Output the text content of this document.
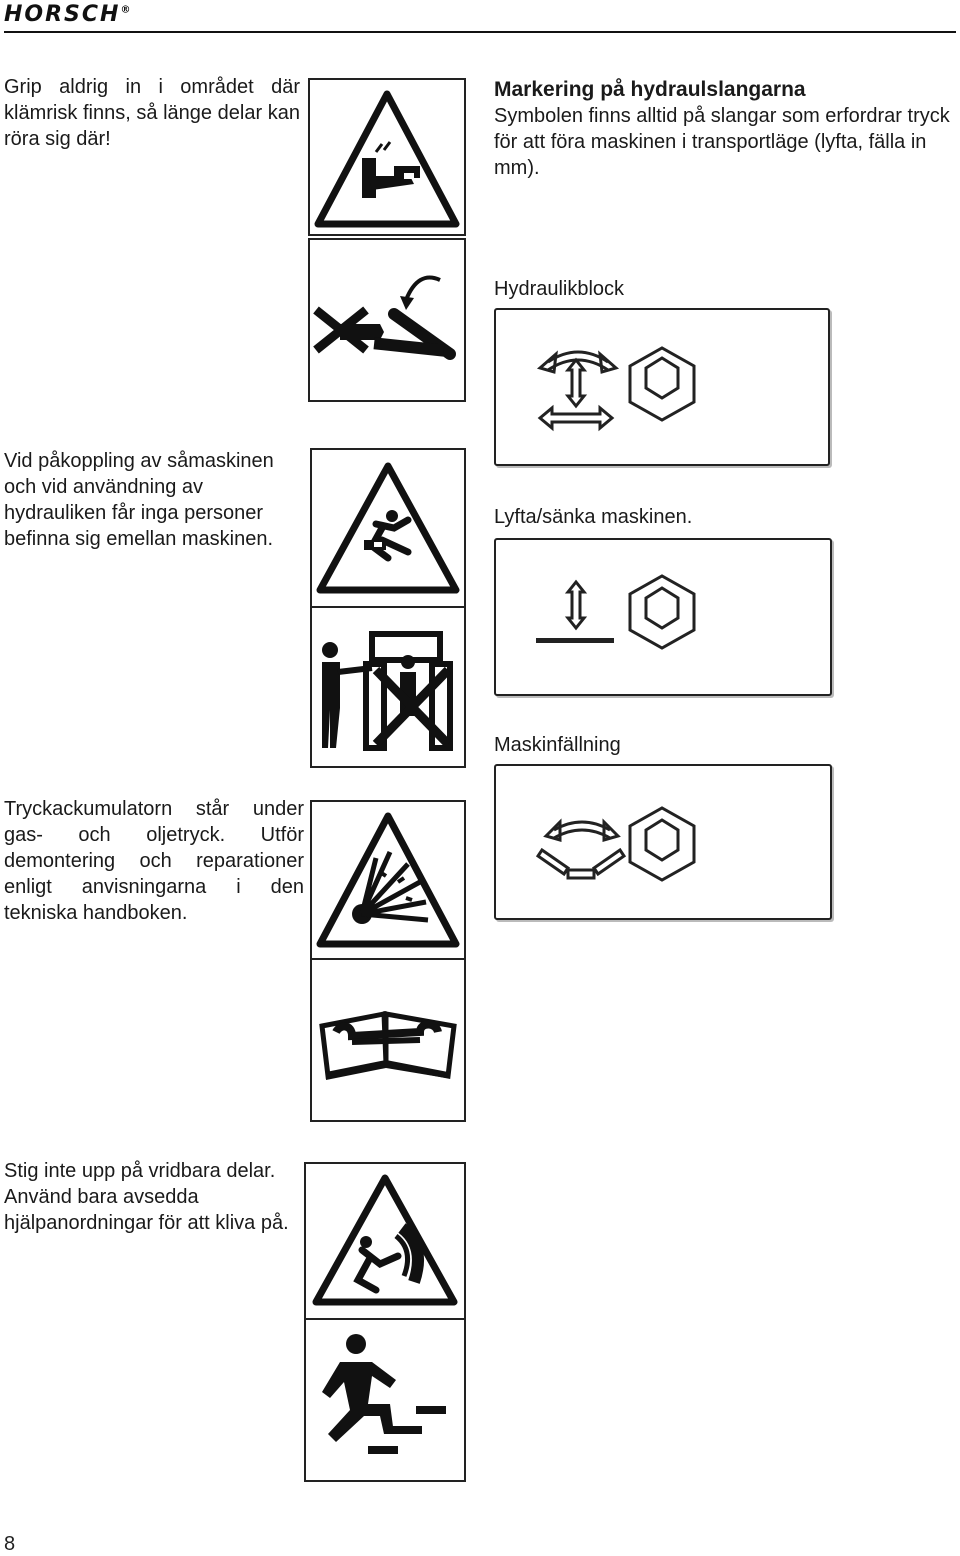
HORSCH®
Grip aldrig in i området där klämrisk finns, så länge delar kan röra sig där!
Markering på hydraulslangarna
Symbolen finns alltid på slangar som erfordrar tryck för att föra maskinen i transportläge (lyfta, fälla in mm).
Hydraulikblock
Vid påkoppling av såmaskinen och vid användning av hydrauliken får inga personer befinna sig emellan maskinen.
Lyfta/sänka maskinen.
Maskinfällning
Tryckackumulatorn står under gas- och oljetryck. Utför demontering och reparationer enligt anvisningarna i den tekniska handboken.
Stig inte upp på vridbara delar. Använd bara avsedda hjälpanordningar för att kliva på.
8
